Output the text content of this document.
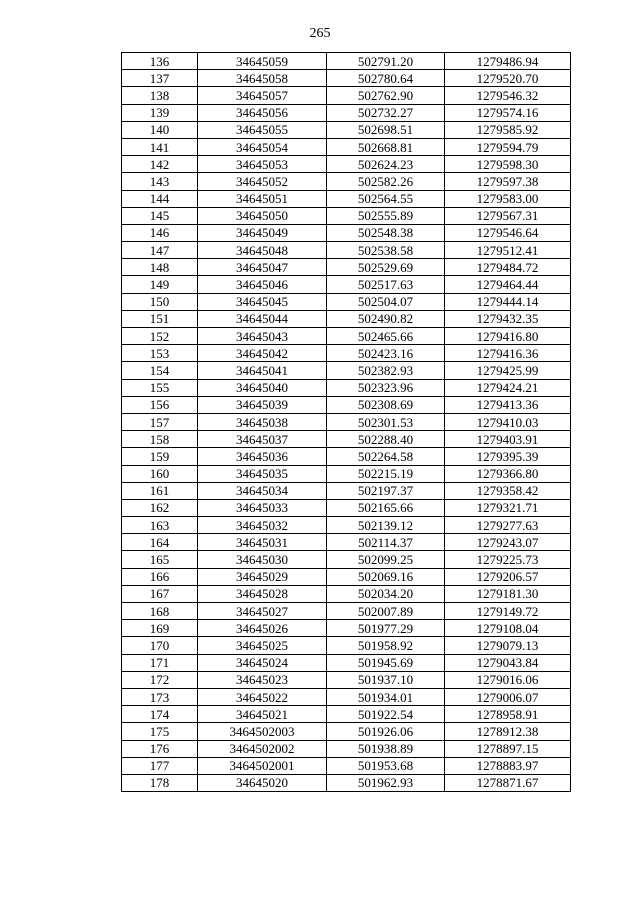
265
136	34645059	502791.20	1279486.94
137	34645058	502780.64	1279520.70
138	34645057	502762.90	1279546.32
139	34645056	502732.27	1279574.16
140	34645055	502698.51	1279585.92
141	34645054	502668.81	1279594.79
142	34645053	502624.23	1279598.30
143	34645052	502582.26	1279597.38
144	34645051	502564.55	1279583.00
145	34645050	502555.89	1279567.31
146	34645049	502548.38	1279546.64
147	34645048	502538.58	1279512.41
148	34645047	502529.69	1279484.72
149	34645046	502517.63	1279464.44
150	34645045	502504.07	1279444.14
151	34645044	502490.82	1279432.35
152	34645043	502465.66	1279416.80
153	34645042	502423.16	1279416.36
154	34645041	502382.93	1279425.99
155	34645040	502323.96	1279424.21
156	34645039	502308.69	1279413.36
157	34645038	502301.53	1279410.03
158	34645037	502288.40	1279403.91
159	34645036	502264.58	1279395.39
160	34645035	502215.19	1279366.80
161	34645034	502197.37	1279358.42
162	34645033	502165.66	1279321.71
163	34645032	502139.12	1279277.63
164	34645031	502114.37	1279243.07
165	34645030	502099.25	1279225.73
166	34645029	502069.16	1279206.57
167	34645028	502034.20	1279181.30
168	34645027	502007.89	1279149.72
169	34645026	501977.29	1279108.04
170	34645025	501958.92	1279079.13
171	34645024	501945.69	1279043.84
172	34645023	501937.10	1279016.06
173	34645022	501934.01	1279006.07
174	34645021	501922.54	1278958.91
175	3464502003	501926.06	1278912.38
176	3464502002	501938.89	1278897.15
177	3464502001	501953.68	1278883.97
178	34645020	501962.93	1278871.67
